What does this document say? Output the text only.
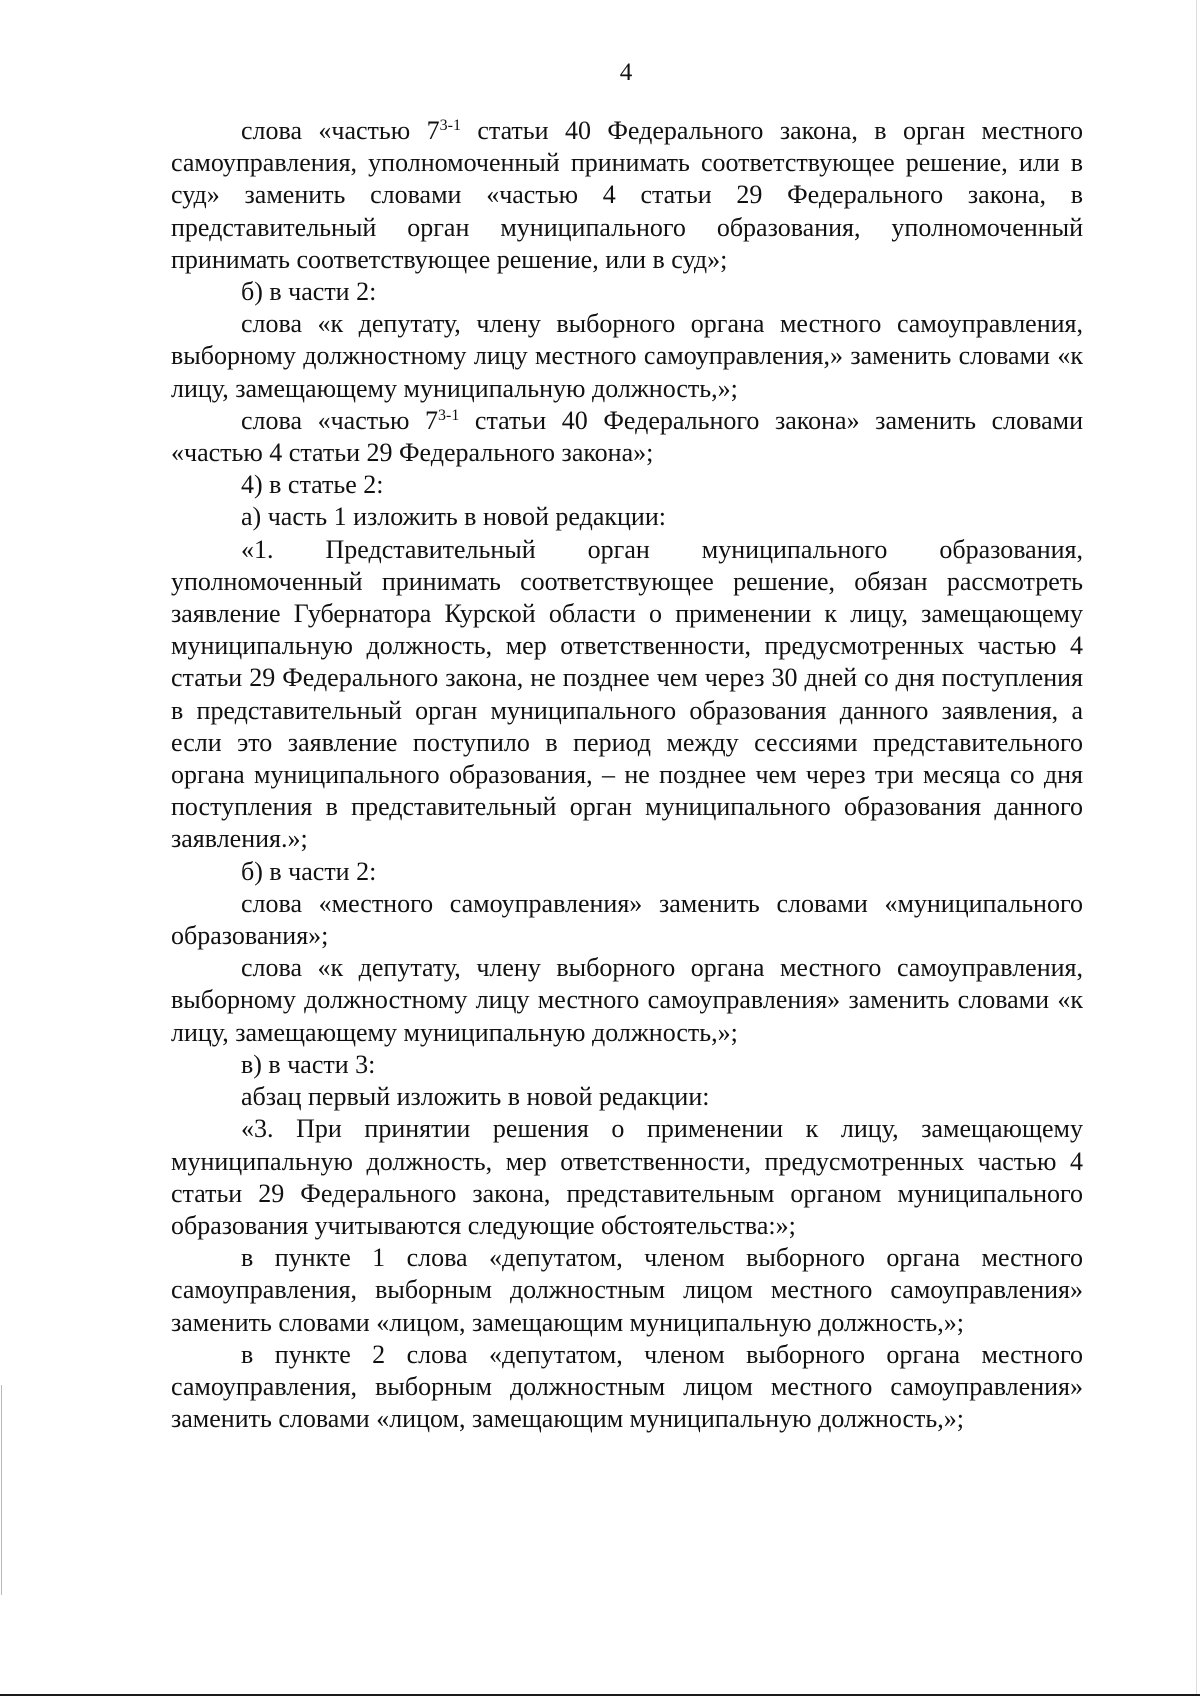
4

слова «частью 7$^{3-1}$ статьи 40 Федерального закона, в орган местного самоуправления, уполномоченный принимать соответствующее решение, или в суд» заменить словами «частью 4 статьи 29 Федерального закона, в представительный орган муниципального образования, уполномоченный принимать соответствующее решение, или в суд»;

б) в части 2:

слова «к депутату, члену выборного органа местного самоуправления, выборному должностному лицу местного самоуправления,» заменить словами «к лицу, замещающему муниципальную должность,»;

слова «частью 7$^{3-1}$ статьи 40 Федерального закона» заменить словами «частью 4 статьи 29 Федерального закона»;

4) в статье 2:

а) часть 1 изложить в новой редакции:

«1. Представительный орган муниципального образования, уполномоченный принимать соответствующее решение, обязан рассмотреть заявление Губернатора Курской области о применении к лицу, замещающему муниципальную должность, мер ответственности, предусмотренных частью 4 статьи 29 Федерального закона, не позднее чем через 30 дней со дня поступления в представительный орган муниципального образования данного заявления, а если это заявление поступило в период между сессиями представительного органа муниципального образования, – не позднее чем через три месяца со дня поступления в представительный орган муниципального образования данного заявления.»;

б) в части 2:

слова «местного самоуправления» заменить словами «муниципального образования»;

слова «к депутату, члену выборного органа местного самоуправления, выборному должностному лицу местного самоуправления» заменить словами «к лицу, замещающему муниципальную должность,»;

в) в части 3:

абзац первый изложить в новой редакции:

«3. При принятии решения о применении к лицу, замещающему муниципальную должность, мер ответственности, предусмотренных частью 4 статьи 29 Федерального закона, представительным органом муниципального образования учитываются следующие обстоятельства:»;

в пункте 1 слова «депутатом, членом выборного органа местного самоуправления, выборным должностным лицом местного самоуправления» заменить словами «лицом, замещающим муниципальную должность,»;

в пункте 2 слова «депутатом, членом выборного органа местного самоуправления, выборным должностным лицом местного самоуправления» заменить словами «лицом, замещающим муниципальную должность,»;
